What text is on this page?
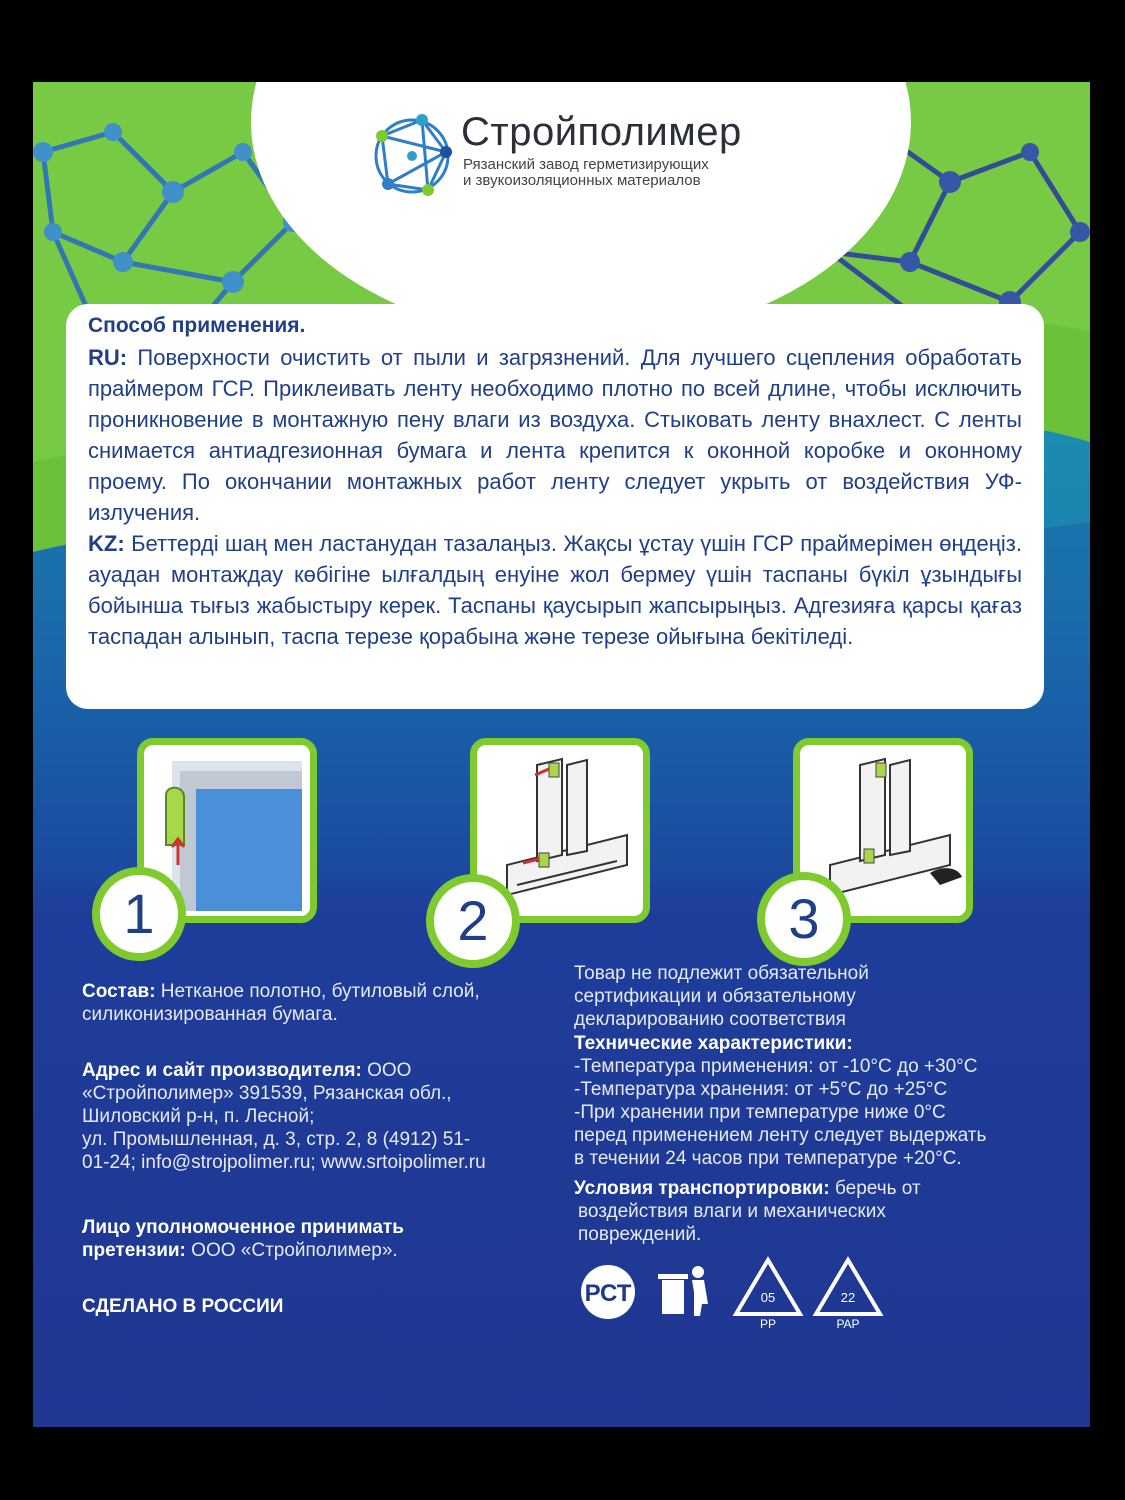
Стройполимер
Рязанский завод герметизирующих
и звукоизоляционных материалов
Способ применения.

RU: Поверхности очистить от пыли и загрязнений. Для лучшего сцепления обработать праймером ГСР. Приклеивать ленту необходимо плотно по всей длине, чтобы исключить проникновение в монтажную пену влаги из воздуха. Стыковать ленту внахлест. С ленты снимается антиадгезионная бумага и лента крепится к оконной коробке и оконному проему. По окончании монтажных работ ленту следует укрыть от воздействия УФ-излучения.

KZ: Беттерді шаң мен ластанудан тазалаңыз. Жақсы ұстау үшін ГСР праймерімен өңдеңіз. ауадан монтаждау көбігіне ылғалдың енуіне жол бермеу үшін таспаны бүкіл ұзындығы бойынша тығыз жабыстыру керек. Таспаны қаусырып жапсырыңыз. Адгезияға қарсы қағаз таспадан алынып, таспа терезе қорабына және терезе ойығына бекітіледі.

1	2	3
Состав: Нетканое полотно, бутиловый слой,
силиконизированная бумага.
Адрес и сайт производителя: ООО
«Стройполимер» 391539, Рязанская обл.,
Шиловский р-н, п. Лесной;
ул. Промышленная, д. 3, стр. 2, 8 (4912) 51-
01-24; info@strojpolimer.ru; www.srtoipolimer.ru
Лицо уполномоченное принимать
претензии: ООО «Стройполимер».
СДЕЛАНО В РОССИИ
Товар не подлежит обязательной
сертификации и обязательному
декларированию соответствия
Технические характеристики:
-Температура применения: от -10°С до +30°С
-Температура хранения: от +5°С до +25°С
-При хранении при температуре ниже 0°С
перед применением ленту следует выдержать
в течении 24 часов при температуре +20°С.
Условия транспортировки: беречь от
воздействия влаги и механических
повреждений.
РСТ	05
PP
22
PAP
